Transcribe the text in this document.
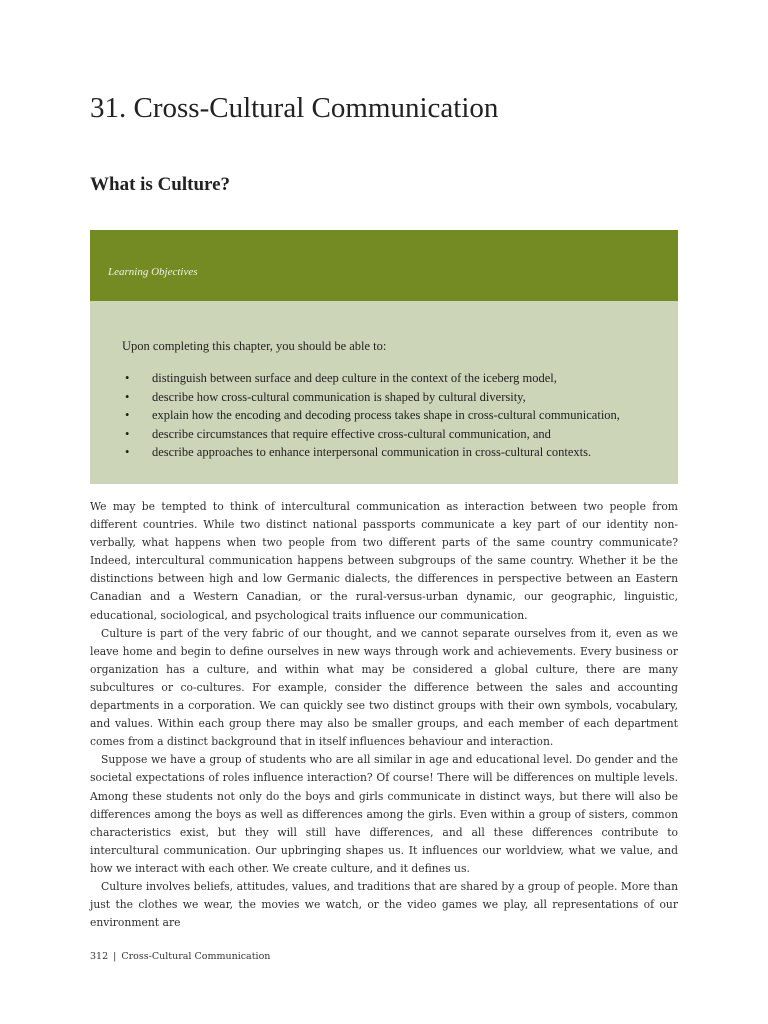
31. Cross-Cultural Communication
What is Culture?
Learning Objectives

Upon completing this chapter, you should be able to:

• distinguish between surface and deep culture in the context of the iceberg model,
• describe how cross-cultural communication is shaped by cultural diversity,
• explain how the encoding and decoding process takes shape in cross-cultural communication,
• describe circumstances that require effective cross-cultural communication, and
• describe approaches to enhance interpersonal communication in cross-cultural contexts.

We may be tempted to think of intercultural communication as interaction between two people from different countries. While two distinct national passports communicate a key part of our identity non-verbally, what happens when two people from two different parts of the same country communicate? Indeed, intercultural communication happens between subgroups of the same country. Whether it be the distinctions between high and low Germanic dialects, the differences in perspective between an Eastern Canadian and a Western Canadian, or the rural-versus-urban dynamic, our geographic, linguistic, educational, sociological, and psychological traits influence our communication.

Culture is part of the very fabric of our thought, and we cannot separate ourselves from it, even as we leave home and begin to define ourselves in new ways through work and achievements. Every business or organization has a culture, and within what may be considered a global culture, there are many subcultures or co-cultures. For example, consider the difference between the sales and accounting departments in a corporation. We can quickly see two distinct groups with their own symbols, vocabulary, and values. Within each group there may also be smaller groups, and each member of each department comes from a distinct background that in itself influences behaviour and interaction.

Suppose we have a group of students who are all similar in age and educational level. Do gender and the societal expectations of roles influence interaction? Of course! There will be differences on multiple levels. Among these students not only do the boys and girls communicate in distinct ways, but there will also be differences among the boys as well as differences among the girls. Even within a group of sisters, common characteristics exist, but they will still have differences, and all these differences contribute to intercultural communication. Our upbringing shapes us. It influences our worldview, what we value, and how we interact with each other. We create culture, and it defines us.

Culture involves beliefs, attitudes, values, and traditions that are shared by a group of people. More than just the clothes we wear, the movies we watch, or the video games we play, all representations of our environment are

312 | Cross-Cultural Communication
